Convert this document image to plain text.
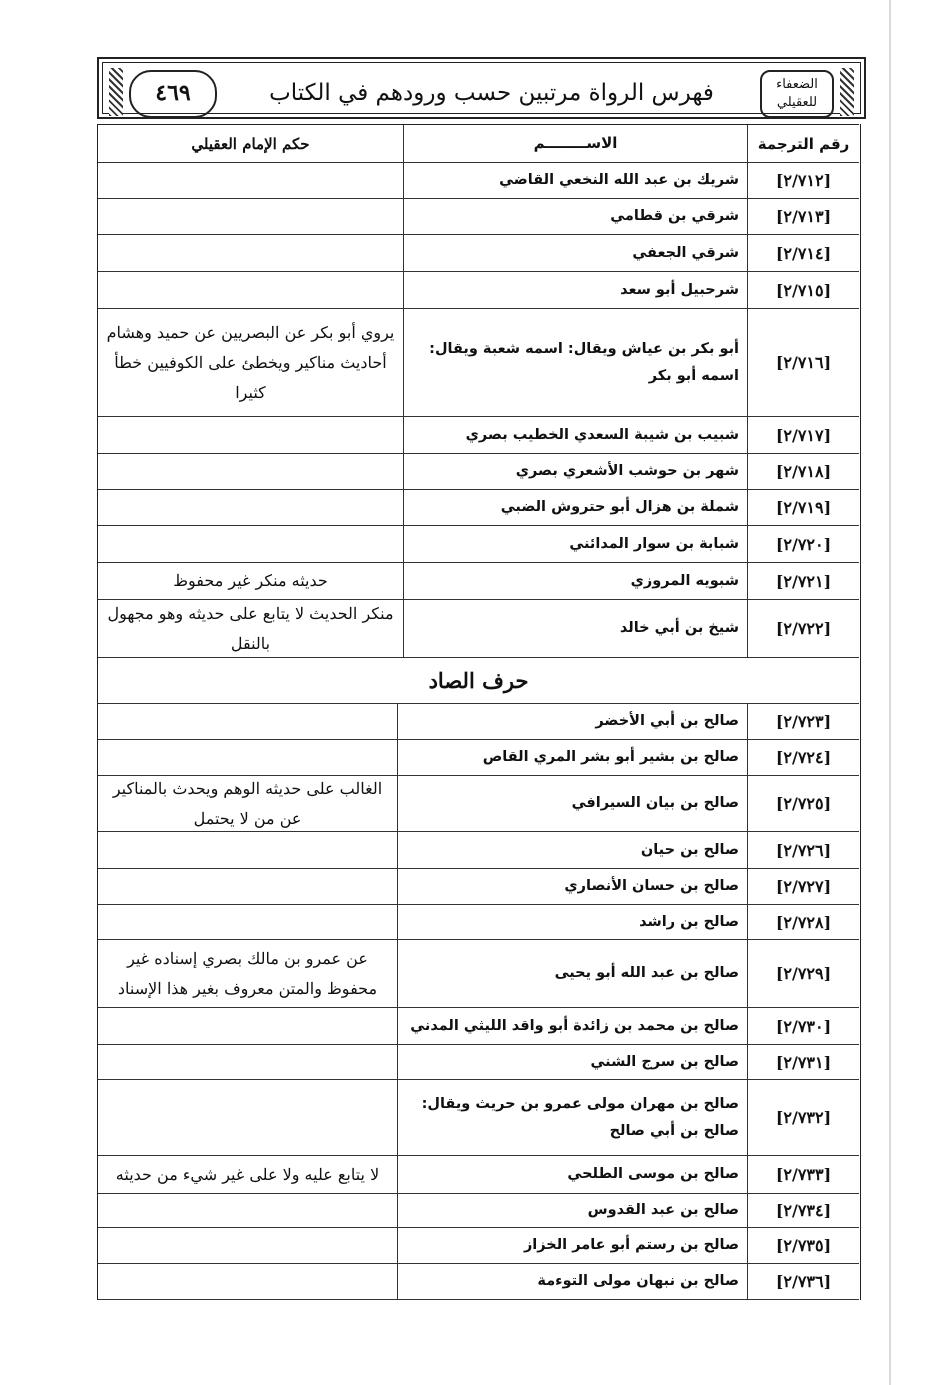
٤٦٩	فهرس الرواة مرتبين حسب ورودهم في الكتاب	الضعفاء
للعقيلي
رقم الترجمة
الاســــــــم
حكم الإمام العقيلي
[٢/٧١٢]
شريك بن عبد الله النخعي القاضي
[٢/٧١٣]
شرقي بن قطامي
[٢/٧١٤]
شرقي الجعفي
[٢/٧١٥]
شرحبيل أبو سعد
[٢/٧١٦]
أبو بكر بن عياش ويقال: اسمه شعبة ويقال: اسمه أبو بكر
يروي أبو بكر عن البصريين عن حميد وهشام أحاديث مناكير ويخطئ على الكوفيين خطأ كثيرا
[٢/٧١٧]
شبيب بن شيبة السعدي الخطيب بصري
[٢/٧١٨]
شهر بن حوشب الأشعري بصري
[٢/٧١٩]
شملة بن هزال أبو حتروش الضبي
[٢/٧٢٠]
شبابة بن سوار المدائني
[٢/٧٢١]
شبويه المروزي
حديثه منكر غير محفوظ
[٢/٧٢٢]
شيخ بن أبي خالد
منكر الحديث لا يتابع على حديثه وهو مجهول بالنقل
حرف الصاد
[٢/٧٢٣]
صالح بن أبي الأخضر
[٢/٧٢٤]
صالح بن بشير أبو بشر المري القاص
[٢/٧٢٥]
صالح بن بيان السيرافي
الغالب على حديثه الوهم ويحدث بالمناكير عن من لا يحتمل
[٢/٧٢٦]
صالح بن حيان
[٢/٧٢٧]
صالح بن حسان الأنصاري
[٢/٧٢٨]
صالح بن راشد
[٢/٧٢٩]
صالح بن عبد الله أبو يحيى
عن عمرو بن مالك بصري إسناده غير محفوظ والمتن معروف بغير هذا الإسناد
[٢/٧٣٠]
صالح بن محمد بن زائدة أبو واقد الليثي المدني
[٢/٧٣١]
صالح بن سرج الشني
[٢/٧٣٢]
صالح بن مهران مولى عمرو بن حريث ويقال: صالح بن أبي صالح
[٢/٧٣٣]
صالح بن موسى الطلحي
لا يتابع عليه ولا على غير شيء من حديثه
[٢/٧٣٤]
صالح بن عبد القدوس
[٢/٧٣٥]
صالح بن رستم أبو عامر الخزاز
[٢/٧٣٦]
صالح بن نبهان مولى التوءمة
